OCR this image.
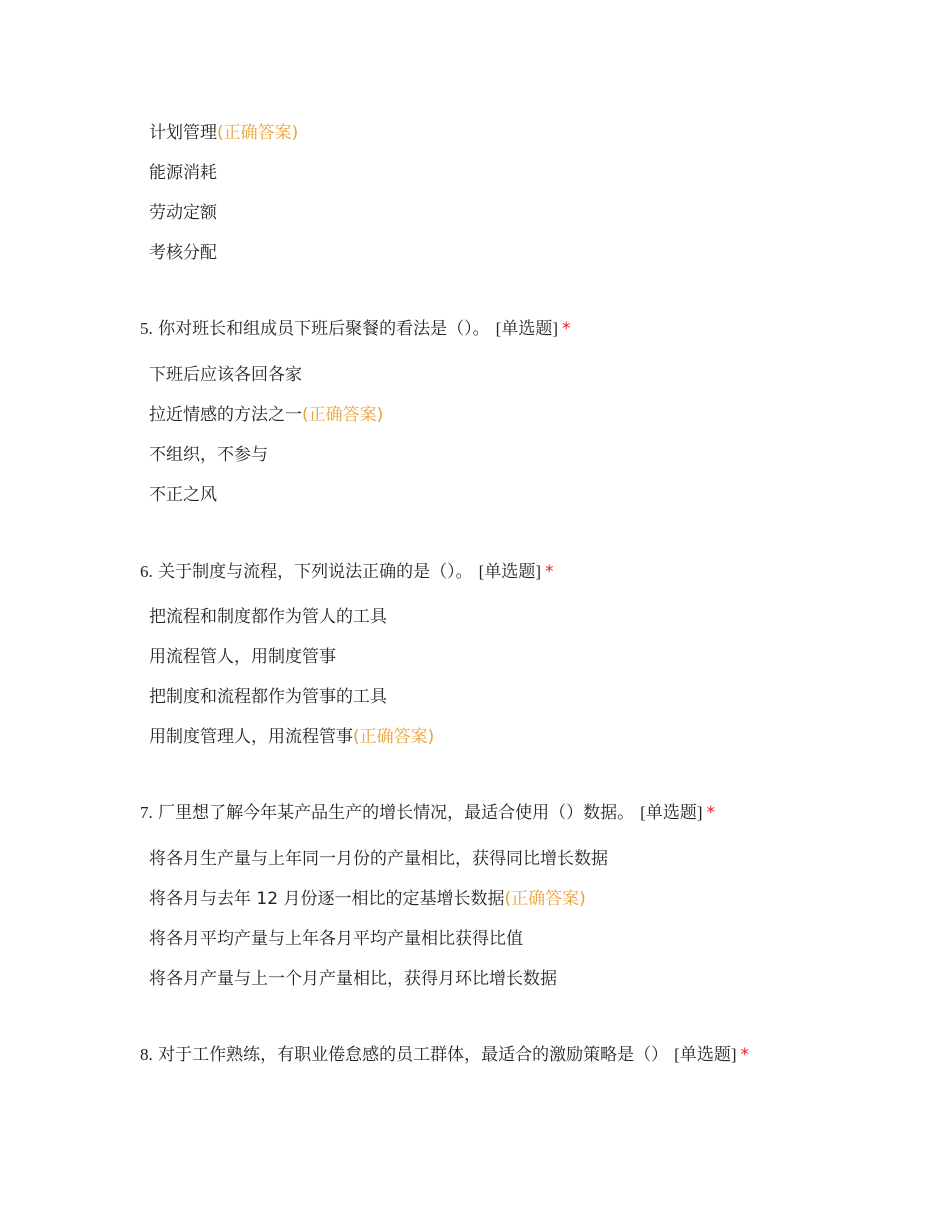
计划管理(正确答案)
能源消耗
劳动定额
考核分配
5. 你对班长和组成员下班后聚餐的看法是（）。 [单选题] *
下班后应该各回各家
拉近情感的方法之一(正确答案)
不组织，不参与
不正之风
6. 关于制度与流程，下列说法正确的是（）。 [单选题] *
把流程和制度都作为管人的工具
用流程管人，用制度管事
把制度和流程都作为管事的工具
用制度管理人，用流程管事(正确答案)
7. 厂里想了解今年某产品生产的增长情况，最适合使用（）数据。 [单选题] *
将各月生产量与上年同一月份的产量相比，获得同比增长数据
将各月与去年 12 月份逐一相比的定基增长数据(正确答案)
将各月平均产量与上年各月平均产量相比获得比值
将各月产量与上一个月产量相比，获得月环比增长数据
8. 对于工作熟练，有职业倦怠感的员工群体，最适合的激励策略是（） [单选题] *
